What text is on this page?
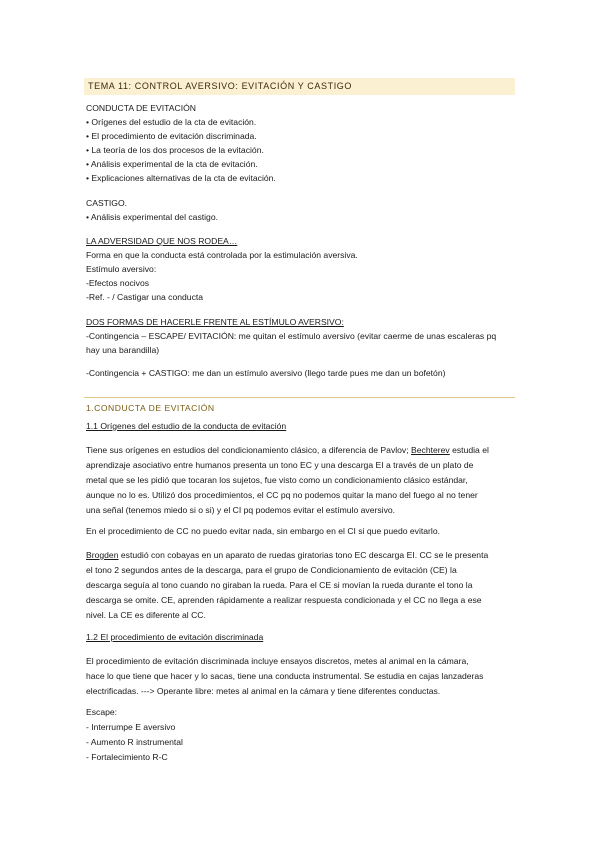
TEMA 11: CONTROL AVERSIVO: EVITACIÓN Y CASTIGO
CONDUCTA DE EVITACIÓN
• Orígenes del estudio de la cta de evitación.
• El procedimiento de evitación discriminada.
• La teoría de los dos procesos de la evitación.
• Análisis experimental de la cta de evitación.
• Explicaciones alternativas de la cta de evitación.
CASTIGO.
• Análisis experimental del castigo.
LA ADVERSIDAD QUE NOS RODEA…
Forma en que la conducta está controlada por la estimulación aversiva.
Estímulo aversivo:
-Efectos nocivos
-Ref. - / Castigar una conducta
DOS FORMAS DE HACERLE FRENTE AL ESTÍMULO AVERSIVO:
-Contingencia – ESCAPE/ EVITACIÓN: me quitan el estímulo aversivo (evitar caerme de unas escaleras pq
hay una barandilla)
-Contingencia + CASTIGO: me dan un estímulo aversivo (llego tarde pues me dan un bofetón)
1.CONDUCTA DE EVITACIÓN
1.1 Orígenes del estudio de la conducta de evitación
Tiene sus orígenes en estudios del condicionamiento clásico, a diferencia de Pavlov; Bechterev estudia el
aprendizaje asociativo entre humanos presenta un tono EC y una descarga EI a través de un plato de
metal que se les pidió que tocaran los sujetos, fue visto como un condicionamiento clásico estándar,
aunque no lo es. Utilizó dos procedimientos, el CC pq no podemos quitar la mano del fuego al no tener
una señal (tenemos miedo si o si) y el CI pq podemos evitar el estímulo aversivo.
En el procedimiento de CC no puedo evitar nada, sin embargo en el CI si que puedo evitarlo.
Brogden estudió con cobayas en un aparato de ruedas giratorias tono EC descarga EI. CC se le presenta
el tono 2 segundos antes de la descarga, para el grupo de Condicionamiento de evitación (CE) la
descarga seguía al tono cuando no giraban la rueda. Para el CE si movían la rueda durante el tono la
descarga se omite. CE, aprenden rápidamente a realizar respuesta condicionada y el CC no llega a ese
nivel. La CE es diferente al CC.
1.2 El procedimiento de evitación discriminada
El procedimiento de evitación discriminada incluye ensayos discretos, metes al animal en la cámara,
hace lo que tiene que hacer y lo sacas, tiene una conducta instrumental. Se estudia en cajas lanzaderas
electrificadas. ---> Operante libre: metes al animal en la cámara y tiene diferentes conductas.
Escape:
- Interrumpe E aversivo
- Aumento R instrumental
- Fortalecimiento R-C
